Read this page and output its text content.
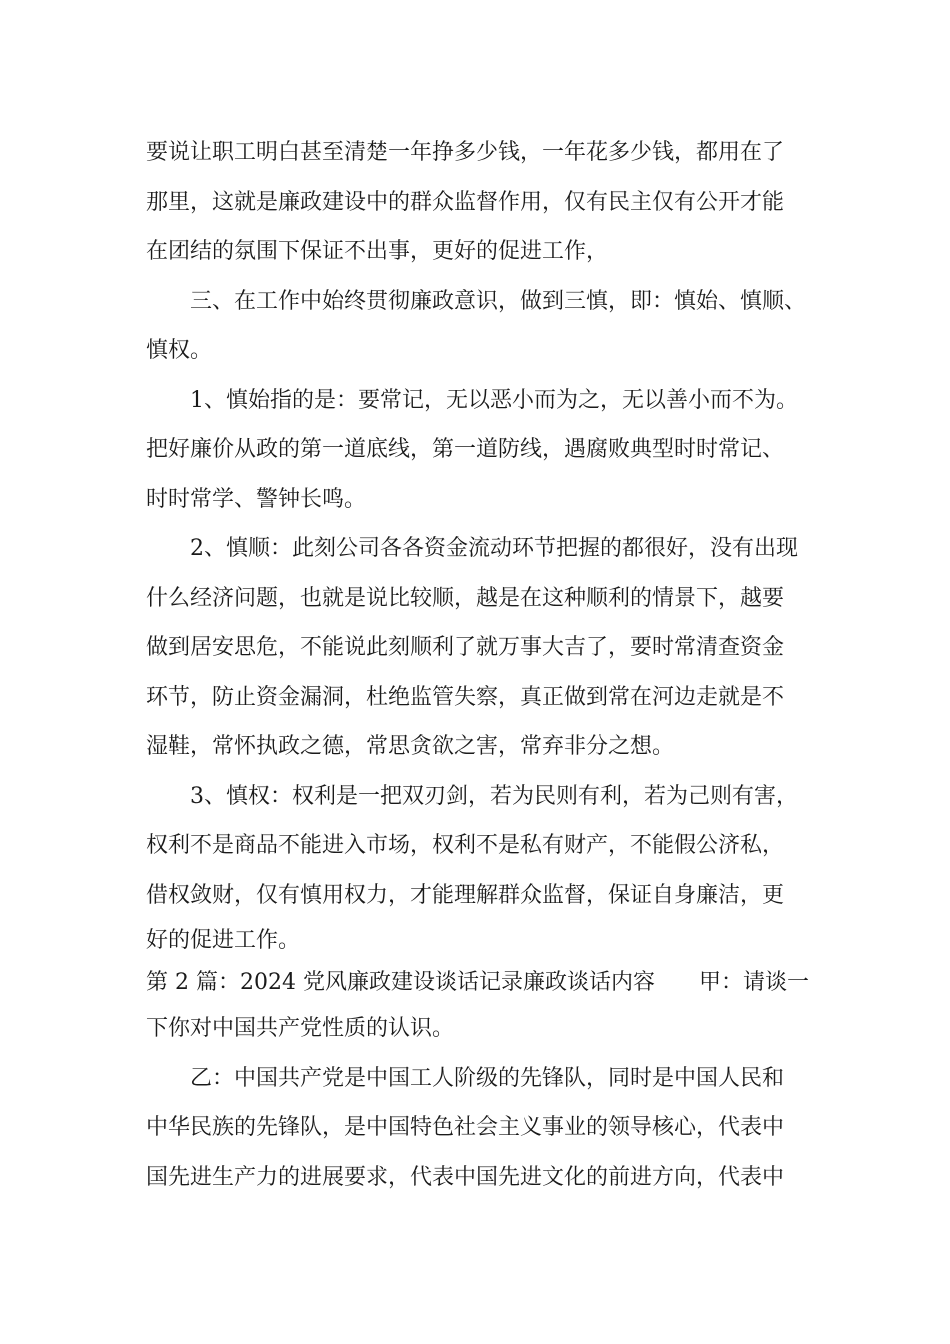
要说让职工明白甚至清楚一年挣多少钱，一年花多少钱，都用在了
那里，这就是廉政建设中的群众监督作用，仅有民主仅有公开才能
在团结的氛围下保证不出事，更好的促进工作，
　　三、在工作中始终贯彻廉政意识，做到三慎，即：慎始、慎顺、
慎权。
　　1、慎始指的是：要常记，无以恶小而为之，无以善小而不为。
把好廉价从政的第一道底线，第一道防线，遇腐败典型时时常记、
时时常学、警钟长鸣。
　　2、慎顺：此刻公司各各资金流动环节把握的都很好，没有出现
什么经济问题，也就是说比较顺，越是在这种顺利的情景下，越要
做到居安思危，不能说此刻顺利了就万事大吉了，要时常清查资金
环节，防止资金漏洞，杜绝监管失察，真正做到常在河边走就是不
湿鞋，常怀执政之德，常思贪欲之害，常弃非分之想。
　　3、慎权：权利是一把双刃剑，若为民则有利，若为己则有害，
权利不是商品不能进入市场，权利不是私有财产，不能假公济私，
借权敛财，仅有慎用权力，才能理解群众监督，保证自身廉洁，更
好的促进工作。
第 2 篇：2024 党风廉政建设谈话记录廉政谈话内容　　甲：请谈一
下你对中国共产党性质的认识。
　　乙：中国共产党是中国工人阶级的先锋队，同时是中国人民和
中华民族的先锋队，是中国特色社会主义事业的领导核心，代表中
国先进生产力的进展要求，代表中国先进文化的前进方向，代表中
